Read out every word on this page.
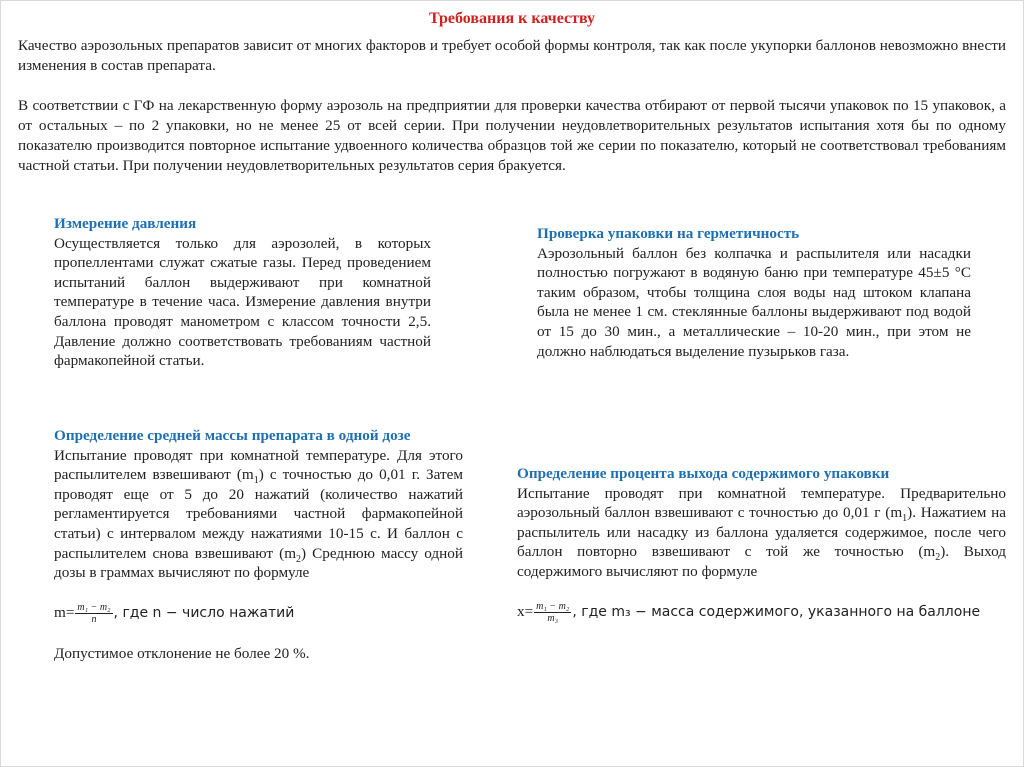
Требования к качеству

Качество аэрозольных препаратов зависит от многих факторов и требует особой формы контроля, так как после укупорки баллонов невозможно внести изменения в состав препарата.

В соответствии с ГФ на лекарственную форму аэрозоль на предприятии для проверки качества отбирают от первой тысячи упаковок по 15 упаковок, а от остальных – по 2 упаковки, но не менее 25 от всей серии. При получении неудовлетворительных результатов испытания хотя бы по одному показателю производится повторное испытание удвоенного количества образцов той же серии по показателю, который не соответствовал требованиям частной статьи. При получении неудовлетворительных результатов серия бракуется.

Измерение давления

Осуществляется только для аэрозолей, в которых пропеллентами служат сжатые газы. Перед проведением испытаний баллон выдерживают при комнатной температуре в течение часа. Измерение давления внутри баллона проводят манометром с классом точности 2,5. Давление должно соответствовать требованиям частной фармакопейной статьи.

Проверка упаковки на герметичность

Аэрозольный баллон без колпачка и распылителя или насадки полностью погружают в водяную баню при температуре 45±5 °С таким образом, чтобы толщина слоя воды над штоком клапана была не менее 1 см. стеклянные баллоны выдерживают под водой от 15 до 30 мин., а металлические – 10-20 мин., при этом не должно наблюдаться выделение пузырьков газа.

Определение средней массы препарата в одной дозе

Испытание проводят при комнатной температуре. Для этого распылителем взвешивают $(m_1)$ с точностью до 0,01 г. Затем проводят еще от 5 до 20 нажатий (количество нажатий регламентируется требованиями частной фармакопейной статьи) с интервалом между нажатиями 10-15 с. И баллон с распылителем снова взвешивают $(m_2)$ Среднюю массу одной дозы в граммах вычисляют по формуле

$m= \frac{\text{m₁ − m₂}}{n}$ , где n − число нажатий

Допустимое отклонение не более 20 %.

Определение процента выхода содержимого упаковки

Испытание проводят при комнатной температуре. Предварительно аэрозольный баллон взвешивают с точностью до 0,01 г $(m_1)$. Нажатием на распылитель или насадку из баллона удаляется содержимое, после чего баллон повторно взвешивают с той же точностью $(m_2)$. Выход содержимого вычисляют по формуле

$x= \frac{\text{m₁ − m₂}}{\text{m₃}}$ , где m₃ − масса содержимого, указанного на баллоне
